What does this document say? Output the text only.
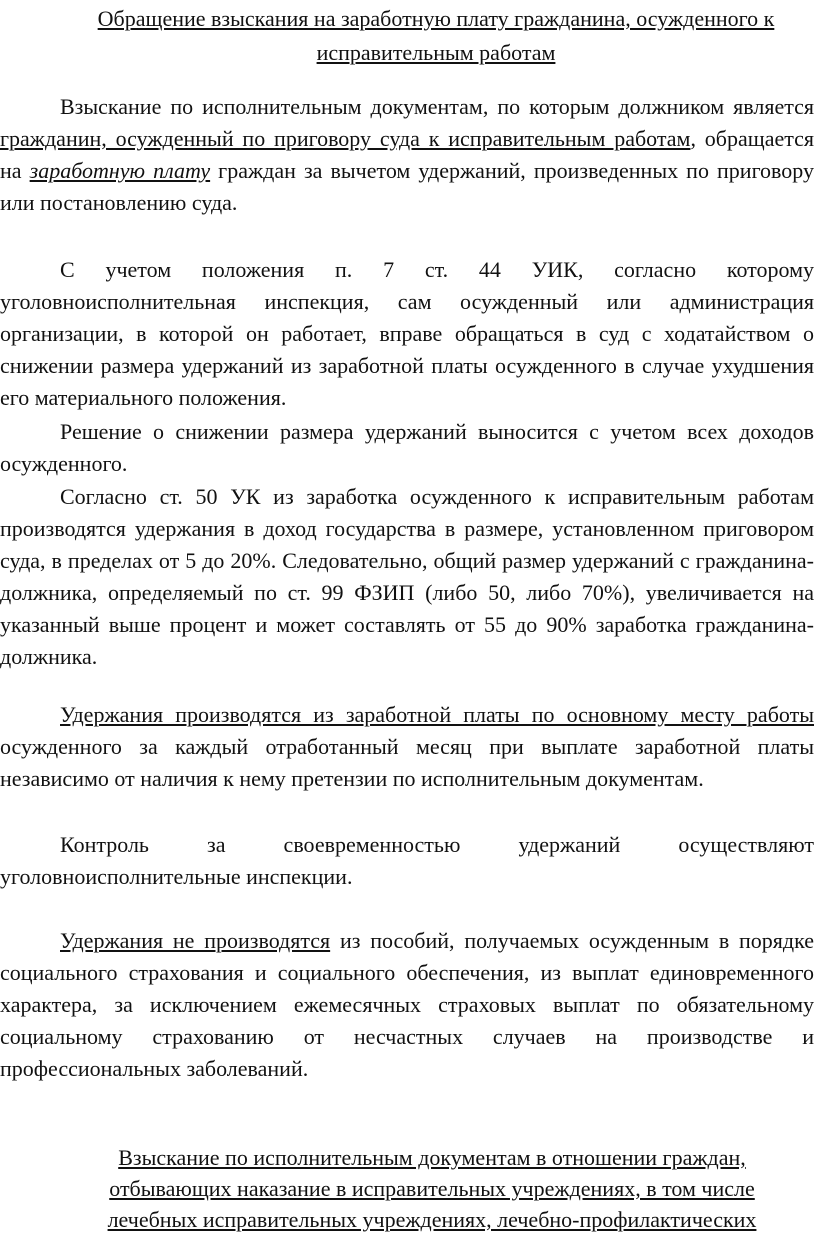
Обращение взыскания на заработную плату гражданина, осужденного к
исправительным работам
Взыскание по исполнительным документам, по которым должником является гражданин, осужденный по приговору суда к исправительным работам, обращается на заработную плату граждан за вычетом удержаний, произведенных по приговору или постановлению суда.
С учетом положения п. 7 ст. 44 УИК, согласно которому уголовноисполнительная инспекция, сам осужденный или администрация организации, в которой он работает, вправе обращаться в суд с ходатайством о снижении размера удержаний из заработной платы осужденного в случае ухудшения его материального положения.
Решение о снижении размера удержаний выносится с учетом всех доходов осужденного.
Согласно ст. 50 УК из заработка осужденного к исправительным работам производятся удержания в доход государства в размере, установленном приговором суда, в пределах от 5 до 20%. Следовательно, общий размер удержаний с гражданина-должника, определяемый по ст. 99 ФЗИП (либо 50, либо 70%), увеличивается на указанный выше процент и может составлять от 55 до 90% заработка гражданина-должника.
Удержания производятся из заработной платы по основному месту работы осужденного за каждый отработанный месяц при выплате заработной платы независимо от наличия к нему претензии по исполнительным документам.
Контроль за своевременностью удержаний осуществляют уголовноисполнительные инспекции.
Удержания не производятся из пособий, получаемых осужденным в порядке социального страхования и социального обеспечения, из выплат единовременного характера, за исключением ежемесячных страховых выплат по обязательному социальному страхованию от несчастных случаев на производстве и профессиональных заболеваний.
Взыскание по исполнительным документам в отношении граждан,
отбывающих наказание в исправительных учреждениях, в том числе
лечебных исправительных учреждениях, лечебно-профилактических
